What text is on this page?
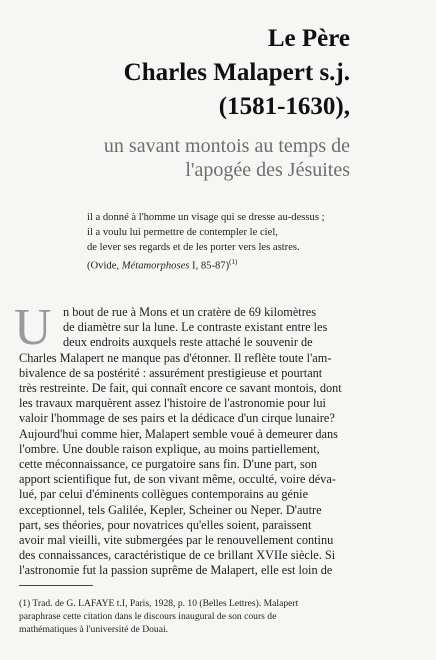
Le Père
Charles Malapert s.j.
(1581-1630),
un savant montois au temps de
l'apogée des Jésuites
il a donné à l'homme un visage qui se dresse au-dessus ;
il a voulu lui permettre de contempler le ciel,
de lever ses regards et de les porter vers les astres.
(Ovide, Métamorphoses I, 85-87)$^{(1)}$
U n bout de rue à Mons et un cratère de 69 kilomètres
de diamètre sur la lune. Le contraste existant entre les
deux endroits auxquels reste attaché le souvenir de
Charles Malapert ne manque pas d'étonner. Il reflète toute l'am-
bivalence de sa postérité : assurément prestigieuse et pourtant
très restreinte. De fait, qui connaît encore ce savant montois, dont
les travaux marquèrent assez l'histoire de l'astronomie pour lui
valoir l'hommage de ses pairs et la dédicace d'un cirque lunaire?
Aujourd'hui comme hier, Malapert semble voué à demeurer dans
l'ombre. Une double raison explique, au moins partiellement,
cette méconnaissance, ce purgatoire sans fin. D'une part, son
apport scientifique fut, de son vivant même, occulté, voire déva-
lué, par celui d'éminents collègues contemporains au génie
exceptionnel, tels Galilée, Kepler, Scheiner ou Neper. D'autre
part, ses théories, pour novatrices qu'elles soient, paraissent
avoir mal vieilli, vite submergées par le renouvellement continu
des connaissances, caractéristique de ce brillant XVIIe siècle. Si
l'astronomie fut la passion suprême de Malapert, elle est loin de
(1) Trad. de G. LAFAYE t.I, Paris, 1928, p. 10 (Belles Lettres). Malapert
paraphrase cette citation dans le discours inaugural de son cours de
mathématiques à l'université de Douai.
